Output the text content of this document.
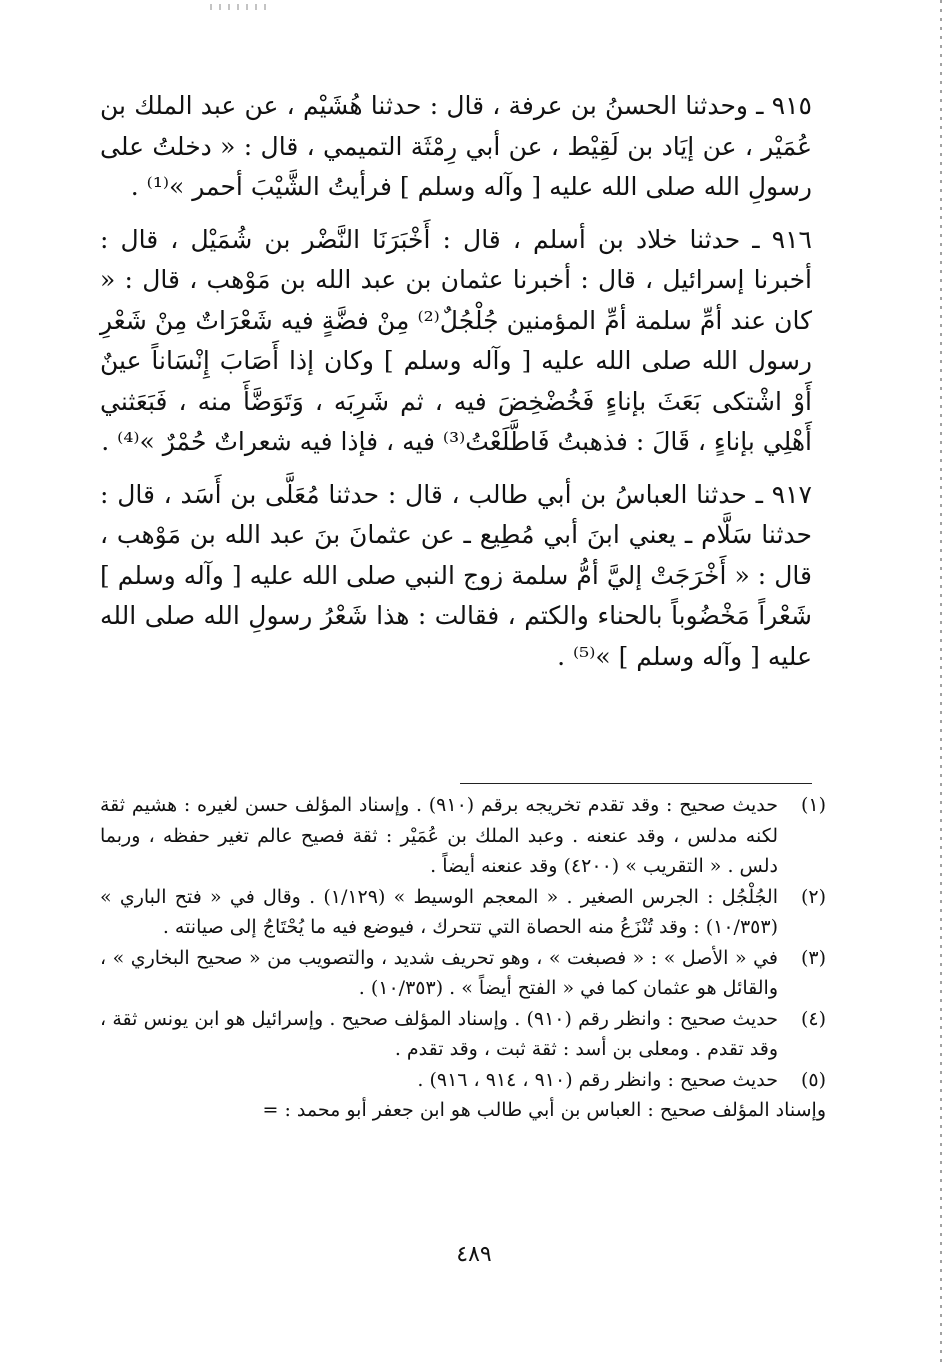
٩١٥ ـ وحدثنا الحسنُ بن عرفة ، قال : حدثنا هُشَيْم ، عن عبد الملك بن عُمَيْر ، عن إيَاد بن لَقِيْط ، عن أبي رِمْثَة التميمي ، قال : « دخلتُ على رسولِ الله صلى الله عليه [ وآله وسلم ] فرأيتُ الشَّيْبَ أحمر »⁽¹⁾ .

٩١٦ ـ حدثنا خلاد بن أسلم ، قال : أَخْبَرَنَا النَّضْر بن شُمَيْل ، قال : أخبرنا إسرائيل ، قال : أخبرنا عثمان بن عبد الله بن مَوْهب ، قال : « كان عند أمِّ سلمة أمِّ المؤمنين جُلْجُلٌ⁽²⁾ مِنْ فضَّةٍ فيه شَعْرَاتٌ مِنْ شَعْرِ رسول الله صلى الله عليه [ وآله وسلم ] وكان إذا أَصَابَ إِنْسَاناً عينٌ أَوْ اشْتكى بَعَثَ بإناءٍ فَخُضْخِضَ فيه ، ثم شَرِبَه ، وَتَوَضَّأَ منه ، فَبَعَثني أَهْلِي بإناءٍ ، قَالَ : فذهبتُ فَاطَّلَعْتُ⁽³⁾ فيه ، فإذا فيه شعراتٌ حُمْرٌ »⁽⁴⁾ .

٩١٧ ـ حدثنا العباسُ بن أبي طالب ، قال : حدثنا مُعَلَّى بن أَسَد ، قال : حدثنا سَلَّام ـ يعني ابنَ أبي مُطِيع ـ عن عثمانَ بنَ عبد الله بن مَوْهب ، قال : « أَخْرَجَتْ إليَّ أمُّ سلمة زوج النبي صلى الله عليه [ وآله وسلم ] شَعْراً مَخْضُوباً بالحناء والكتم ، فقالت : هذا شَعْرُ رسولِ الله صلى الله عليه [ وآله وسلم ] »⁽⁵⁾ .

(١)
حديث صحيح : وقد تقدم تخريجه برقم (٩١٠) . وإسناد المؤلف حسن لغيره : هشيم ثقة لكنه مدلس ، وقد عنعنه . وعبد الملك بن عُمَيْر : ثقة فصيح عالم تغير حفظه ، وربما دلس . « التقريب » (٤٢٠٠) وقد عنعنه أيضاً .
(٢)
الجُلْجُل : الجرس الصغير . « المعجم الوسيط » (١/١٢٩) . وقال في « فتح الباري » (١٠/٣٥٣) : وقد تُنْزَعُ منه الحصاة التي تتحرك ، فيوضع فيه ما يُحْتَاجُ إلى صيانته .
(٣)
في « الأصل » : « فصبغت » ، وهو تحريف شديد ، والتصويب من « صحيح البخاري » ، والقائل هو عثمان كما في « الفتح أيضاً » . (١٠/٣٥٣) .
(٤)
حديث صحيح : وانظر رقم (٩١٠) . وإسناد المؤلف صحيح . وإسرائيل هو ابن يونس ثقة ، وقد تقدم . ومعلى بن أسد : ثقة ثبت ، وقد تقدم .
(٥)
حديث صحيح : وانظر رقم (٩١٠ ، ٩١٤ ، ٩١٦) .

وإسناد المؤلف صحيح : العباس بن أبي طالب هو ابن جعفر أبو محمد : =

٤٨٩
